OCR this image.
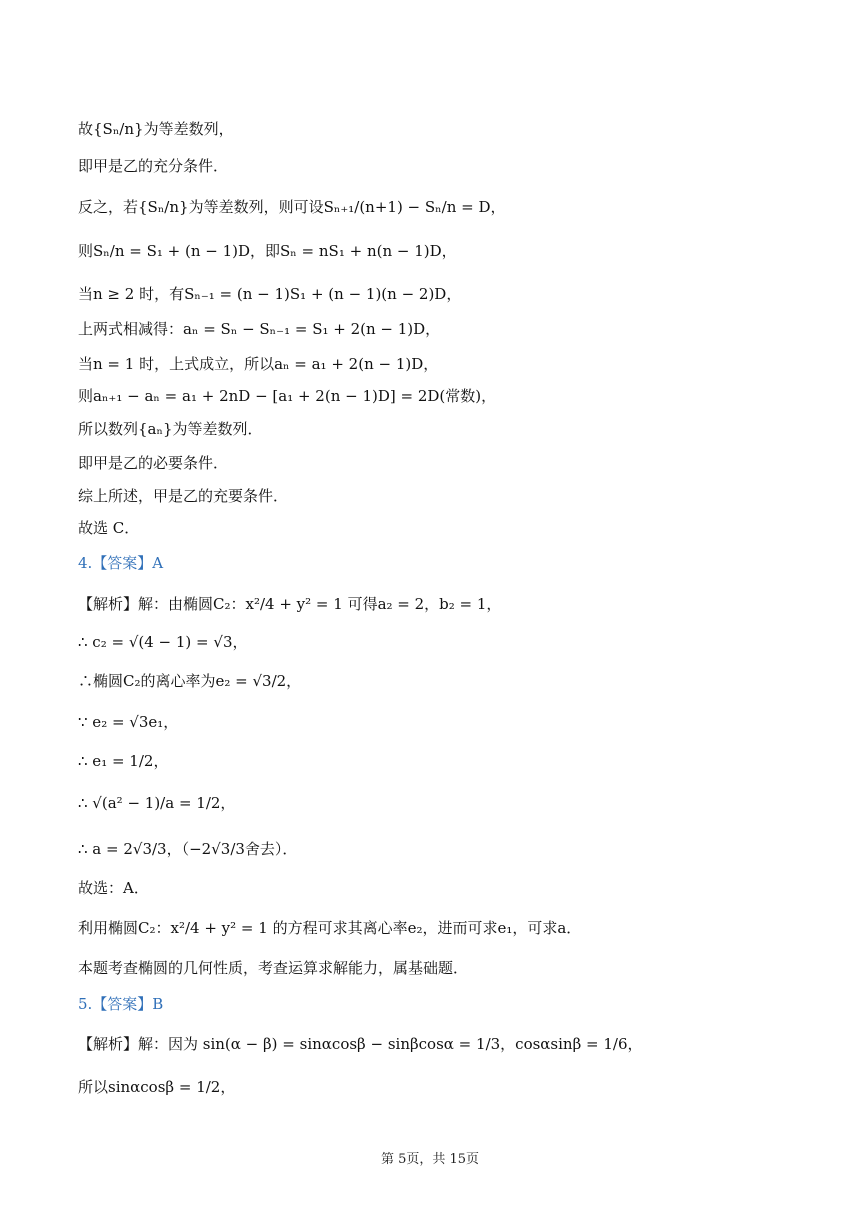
故{Sₙ/n}为等差数列，
即甲是乙的充分条件．
反之，若{Sₙ/n}为等差数列，则可设Sₙ₊₁/(n+1) − Sₙ/n = D，
则Sₙ/n = S₁ + (n − 1)D，即Sₙ = nS₁ + n(n − 1)D，
当n ≥ 2 时，有Sₙ₋₁ = (n − 1)S₁ + (n − 1)(n − 2)D，
上两式相减得：aₙ = Sₙ − Sₙ₋₁ = S₁ + 2(n − 1)D，
当n = 1 时，上式成立，所以aₙ = a₁ + 2(n − 1)D，
则aₙ₊₁ − aₙ = a₁ + 2nD − [a₁ + 2(n − 1)D] = 2D(常数)，
所以数列{aₙ}为等差数列．
即甲是乙的必要条件．
综上所述，甲是乙的充要条件．
故选 C．
4.【答案】A
【解析】解：由椭圆C₂：x²/4 + y² = 1 可得a₂ = 2，b₂ = 1，
∴ c₂ = √(4 − 1) = √3，
∴椭圆C₂的离心率为e₂ = √3/2，
∵ e₂ = √3e₁，
∴ e₁ = 1/2，
∴ √(a² − 1)/a = 1/2，
∴ a = 2√3/3，（−2√3/3舍去）．
故选：A．
利用椭圆C₂：x²/4 + y² = 1 的方程可求其离心率e₂，进而可求e₁，可求a．
本题考查椭圆的几何性质，考查运算求解能力，属基础题．
5.【答案】B
【解析】解：因为 sin(α − β) = sinαcosβ − sinβcosα = 1/3，cosαsinβ = 1/6，
所以sinαcosβ = 1/2，
第 5页，共 15页
